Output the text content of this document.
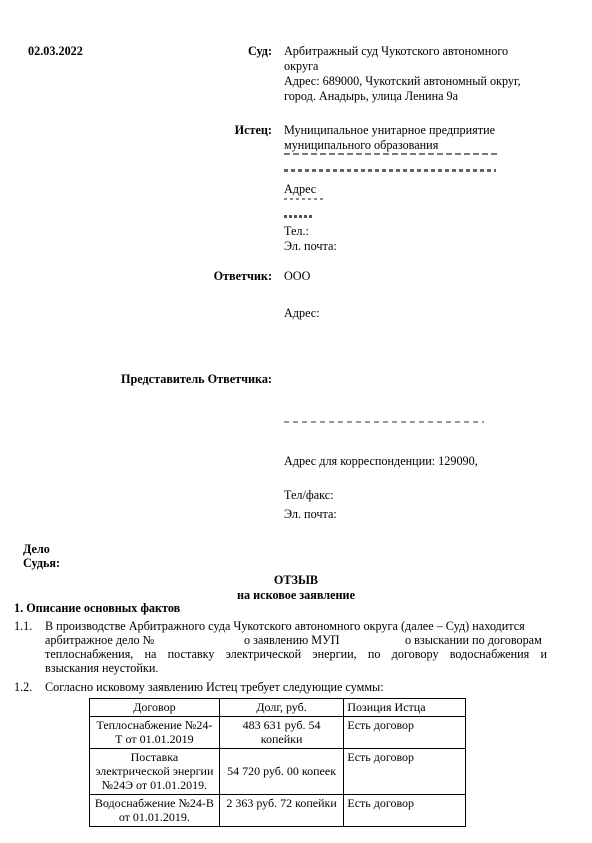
02.03.2022	Суд: Арбитражный суд Чукотского автономного
округа
Адрес: 689000, Чукотский автономный округ,
город. Анадырь, улица Ленина 9а
Истец: Муниципальное унитарное предприятие
муниципального образования
Адрес
Тел.:
Эл. почта:
Ответчик: ООО
Адрес:
Представитель Ответчика:
Адрес для корреспонденции: 129090,
Тел/факс:
Эл. почта:
Дело
Судья:
ОТЗЫВ
на исковое заявление
1. Описание основных фактов
1.1. В производстве Арбитражного суда Чукотского автономного округа (далее – Суд) находится
арбитражное дело №	о заявлению МУП	о взыскании по договорам
теплоснабжения, на поставку электрической энергии, по договору водоснабжения и
взыскания неустойки.
1.2. Согласно исковому заявлению Истец требует следующие суммы:
Договор	Долг, руб.	Позиция Истца
Теплоснабжение №24-Т от 01.01.2019	483 631 руб. 54 копейки	Есть договор
Поставка электрической энергии №24Э от 01.01.2019.	54 720 руб. 00 копеек	Есть договор
Водоснабжение №24-В от 01.01.2019.	2 363 руб. 72 копейки	Есть договор
